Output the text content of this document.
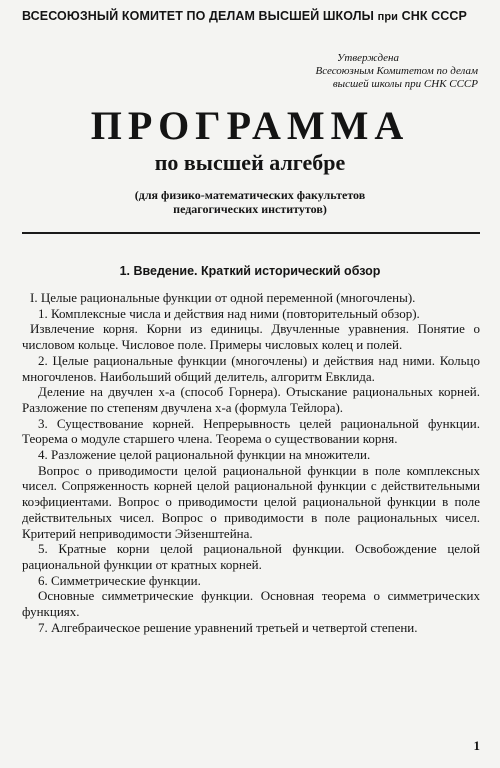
ВСЕСОЮЗНЫЙ КОМИТЕТ ПО ДЕЛАМ ВЫСШЕЙ ШКОЛЫ при СНК СССР
Утверждена
Всесоюзным Комитетом по делам
высшей школы при СНК СССР
ПРОГРАММА
по высшей алгебре
(для физико-математических факультетов
педагогических институтов)
1. Введение. Краткий исторический обзор

I. Целые рациональные функции от одной переменной (многочлены).

1. Комплексные числа и действия над ними (повторительный обзор).

Извлечение корня. Корни из единицы. Двучленные уравнения. Понятие о числовом кольце. Числовое поле. Примеры числовых колец и полей.

2. Целые рациональные функции (многочлены) и действия над ними. Кольцо многочленов. Наибольший общий делитель, алгоритм Евклида.

Деление на двучлен x-a (способ Горнера). Отыскание рациональных корней. Разложение по степеням двучлена x-a (формула Тейлора).

3. Существование корней. Непрерывность целей рациональной функции. Теорема о модуле старшего члена. Теорема о существовании корня.

4. Разложение целой рациональной функции на множители.

Вопрос о приводимости целой рациональной функции в поле комплексных чисел. Сопряженность корней целой рациональной функции с действительными коэфициентами. Вопрос о приводимости целой рациональной функции в поле действительных чисел. Вопрос о приводимости в поле рациональных чисел. Критерий неприводимости Эйзенштейна.

5. Кратные корни целой рациональной функции. Освобождение целой рациональной функции от кратных корней.

6. Симметрические функции.

Основные симметрические функции. Основная теорема о симметрических функциях.

7. Алгебраическое решение уравнений третьей и четвертой степени.

1
